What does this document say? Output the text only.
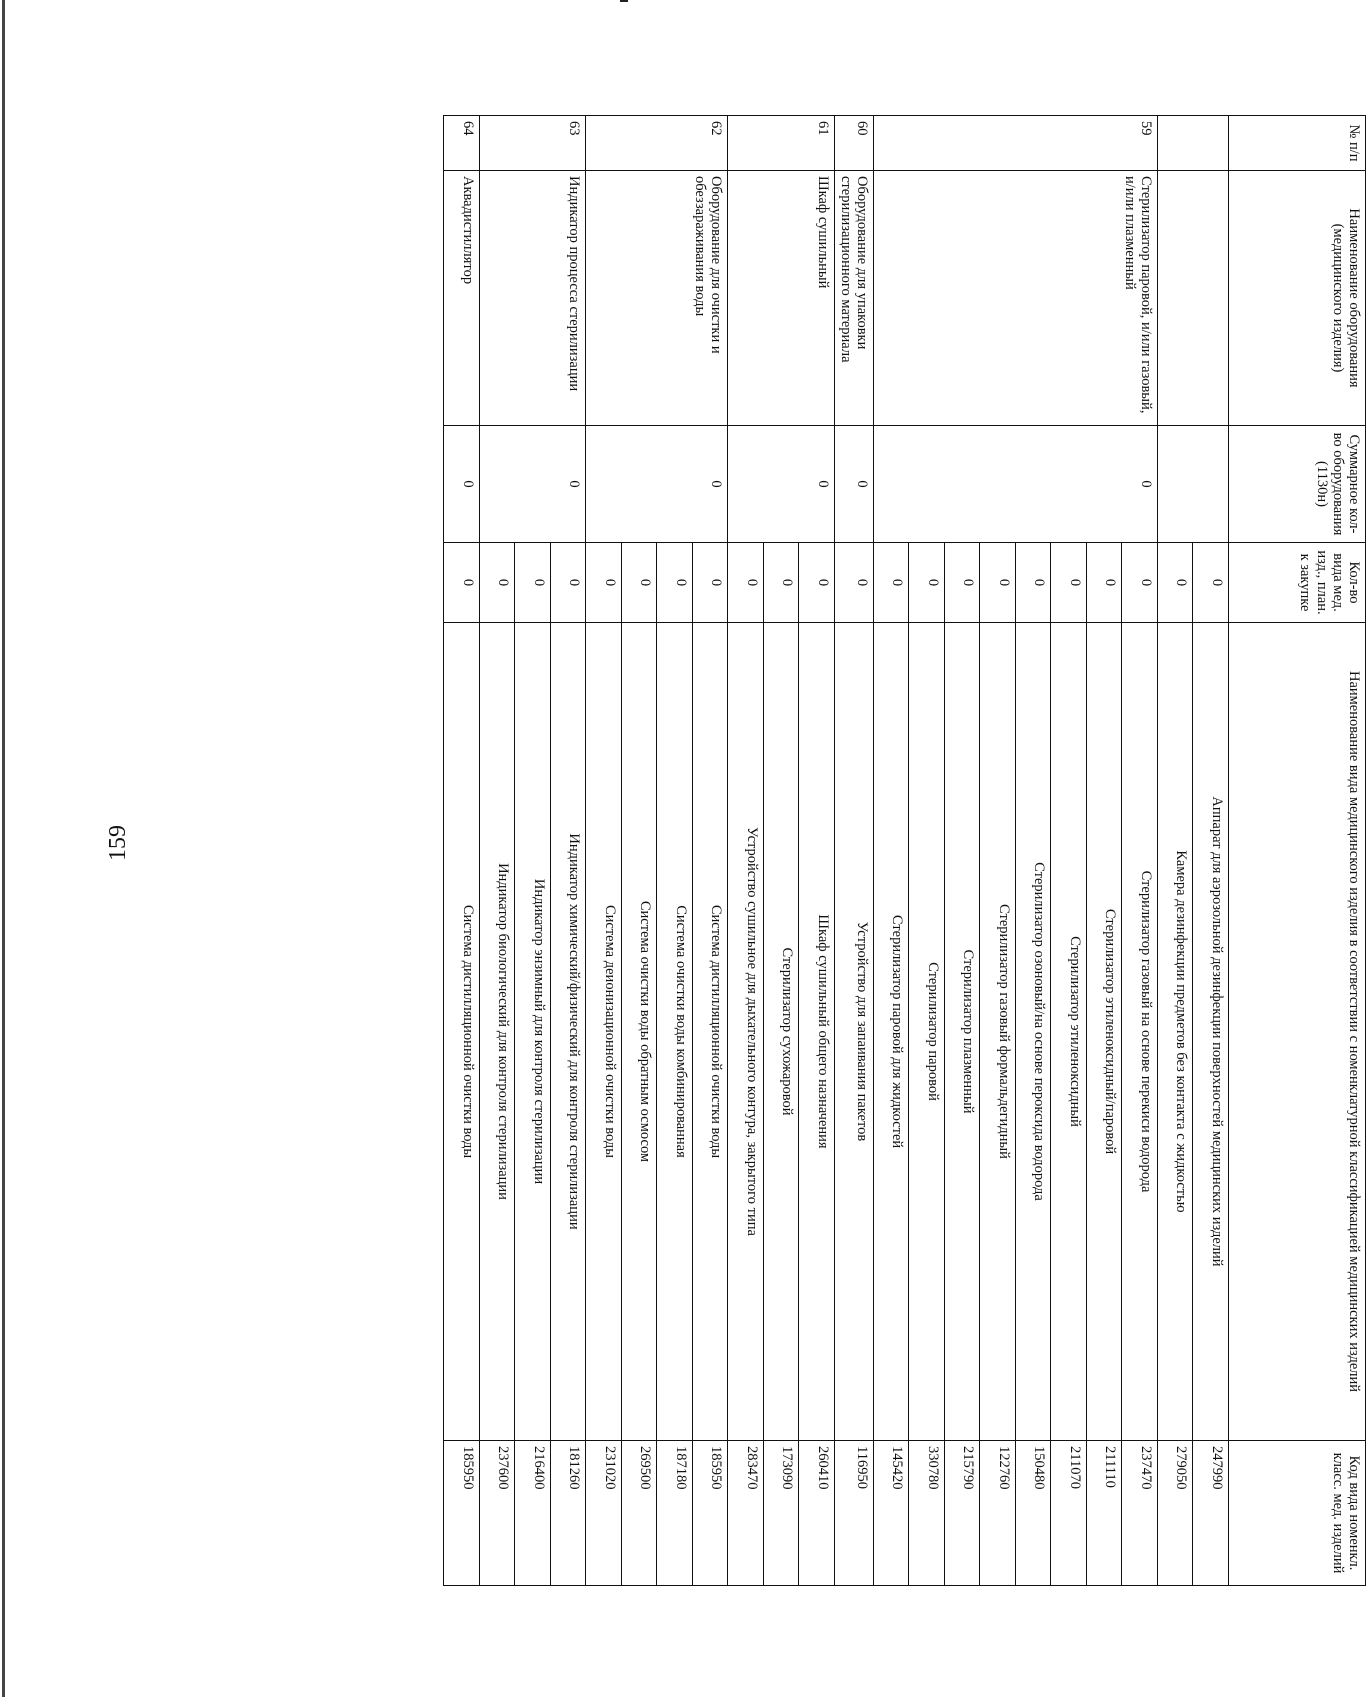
159
№ п/п	Наименование оборудования (медицинского изделия)	Суммарное кол-во оборудования (1130н)	Кол-во вида мед. изд., план. к закупке	Наименование вида медицинского изделия в соответствии с номенклатурной классификацией медицинских изделий	Код вида номенкл. класс. мед. изделий
			0	Аппарат для аэрозольной дезинфекции поверхностей медицинских изделий	247990
			0	Камера дезинфекции предметов без контакта с жидкостью	279050
59	Стерилизатор паровой, и/или газовый, и/или плазменный	0	0	Стерилизатор газовый на основе перекиси водорода	237470
			0	Стерилизатор этиленоксидный/паровой	211110
			0	Стерилизатор этиленоксидный	211070
			0	Стерилизатор озоновый/на основе пероксида водорода	150480
			0	Стерилизатор газовый формальдегидный	122760
			0	Стерилизатор плазменный	215790
			0	Стерилизатор паровой	330780
			0	Стерилизатор паровой для жидкостей	145420
60	Оборудование для упаковки стерилизационного материала	0	0	Устройство для запаивания пакетов	116950
61	Шкаф сушильный	0	0	Шкаф сушильный общего назначения	260410
			0	Стерилизатор сухожаровой	173090
			0	Устройство сушильное для дыхательного контура, закрытого типа	283470
62	Оборудование для очистки и обеззараживания воды	0	0	Система дистилляционной очистки воды	185950
			0	Система очистки воды комбинированная	187180
			0	Система очистки воды обратным осмосом	269500
			0	Система деионизационной очистки воды	231020
63	Индикатор процесса стерилизации	0	0	Индикатор химический/физический для контроля стерилизации	181260
			0	Индикатор энзимный для контроля стерилизации	216400
			0	Индикатор биологический для контроля стерилизации	237600
64	Аквадистиллятор	0	0	Система дистилляционной очистки воды	185950
